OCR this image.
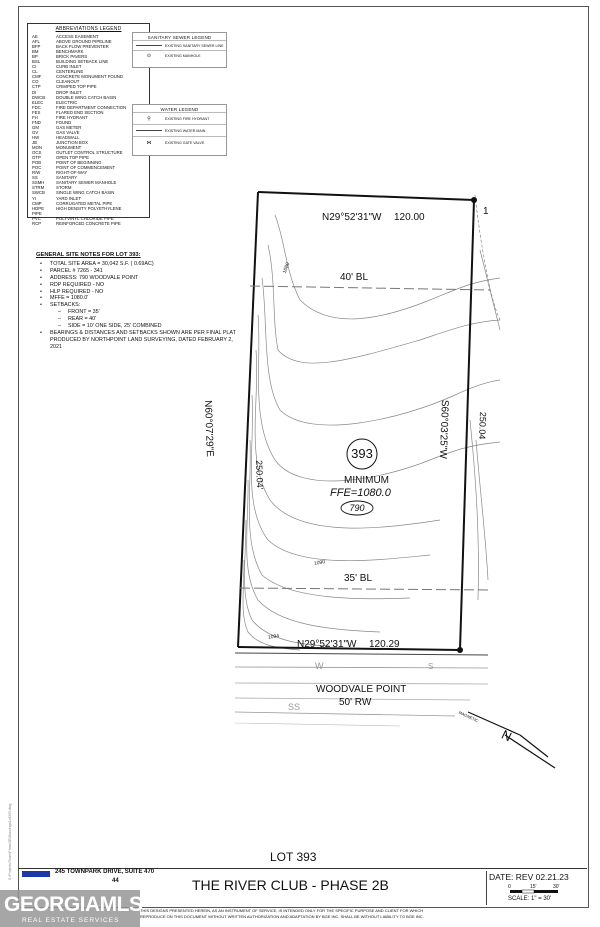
ABBREVIATIONS LEGEND
AE	ACCESS EASEMENT
AFL	ABOVE GROUND PIPELINE
BFP	BACK FLOW PREVENTER
BM	BENCHMARK
BP	BRICK PAVERS
BSL	BUILDING SETBACK LINE
CI	CURB INLET
CL	CENTERLINE
CMF	CONCRETE MONUMENT FOUND
CO	CLEANOUT
CTP	CRIMPED TOP PIPE
DI	DROP INLET
DWCB	DOUBLE WING CATCH BASIN
ELEC	ELECTRIC
FDC	FIRE DEPARTMENT CONNECTION
FES	FLARED END SECTION
FH	FIRE HYDRANT
FND	FOUND
GM	GAS METER
GV	GAS VALVE
HW	HEADWALL
JB	JUNCTION BOX
MON	MONUMENT
OCS	OUTLET CONTROL STRUCTURE
OTP	OPEN TOP PIPE
POB	POINT OF BEGINNING
POC	POINT OF COMMENCEMENT
R/W	RIGHT-OF-WAY
SS	SANITARY
SSMH	SANITARY SEWER MANHOLE
STRM	STORM
SWCB	SINGLE WING CATCH BASIN
YI	YARD INLET
CMP	CORRUGATED METAL PIPE
HDPE	HIGH DENSITY POLYETHYLENE
PIPE
PVC	POLYVINYL CHLORIDE PIPE
RCP	REINFORCED CONCRETE PIPE
SANITARY SEWER LEGEND
EXISTING SANITARY SEWER LINE
⊙	EXISTING MANHOLE
WATER LEGEND
⚲	EXISTING FIRE HYDRANT
EXISTING WATER MAIN
⋈	EXISTING GATE VALVE
GENERAL SITE NOTES FOR LOT 393:
•	TOTAL SITE AREA = 30,042 S.F. ( 0.69AC)
•	PARCEL # 7265 - 341
•	ADDRESS: 790 WOODVALE POINT
•	RDP REQUIRED - NO
•	HLP REQUIRED - NO
•	MFFE = 1080.0'
•	SETBACKS:
–	FRONT = 35'
–	REAR = 40'
–	SIDE = 10' ONE SIDE, 25' COMBINED
•	BEARINGS & DISTANCES AND SETBACKS SHOWN ARE PER FINAL PLAT PRODUCED BY NORTHPOINT LAND SURVEYING, DATED FEBRUARY 2, 2021
W
SS
S
N29°52'31"W 120.00
1
40' BL
1080
N60°07'29"E
250.04'
S60°03'25"W	250.04
393
MINIMUM
FFE=1080.0
790
1090
35' BL
1094
N29°52'31"W 120.29
WOODVALE POINT
50' RW
MAGNETIC
N
LOT 393
245 TOWNPARK DRIVE, SUITE 470
44	THE RIVER CLUB - PHASE 2B	DATE: REV 02.21.23
0	15'	30'
SCALE: 1" = 30'
THIS DESIGNS PRESENTED HEREIN, AS AN INSTRUMENT OF SERVICE, IS INTENDED ONLY FOR THE SPECIFIC PURPOSE AND CLIENT FOR WHICH
REPRODUCE ON THIS DOCUMENT WITHOUT WRITTEN AUTHORIZATION AND ADAPTATION BY BGE INC. SHALL BE WITHOUT LIABILITY TO BGE INC.
S:\Projects\Team\Phase2B\Drawings\Lot393.dwg
GEORGIAMLS
REAL ESTATE SERVICES
